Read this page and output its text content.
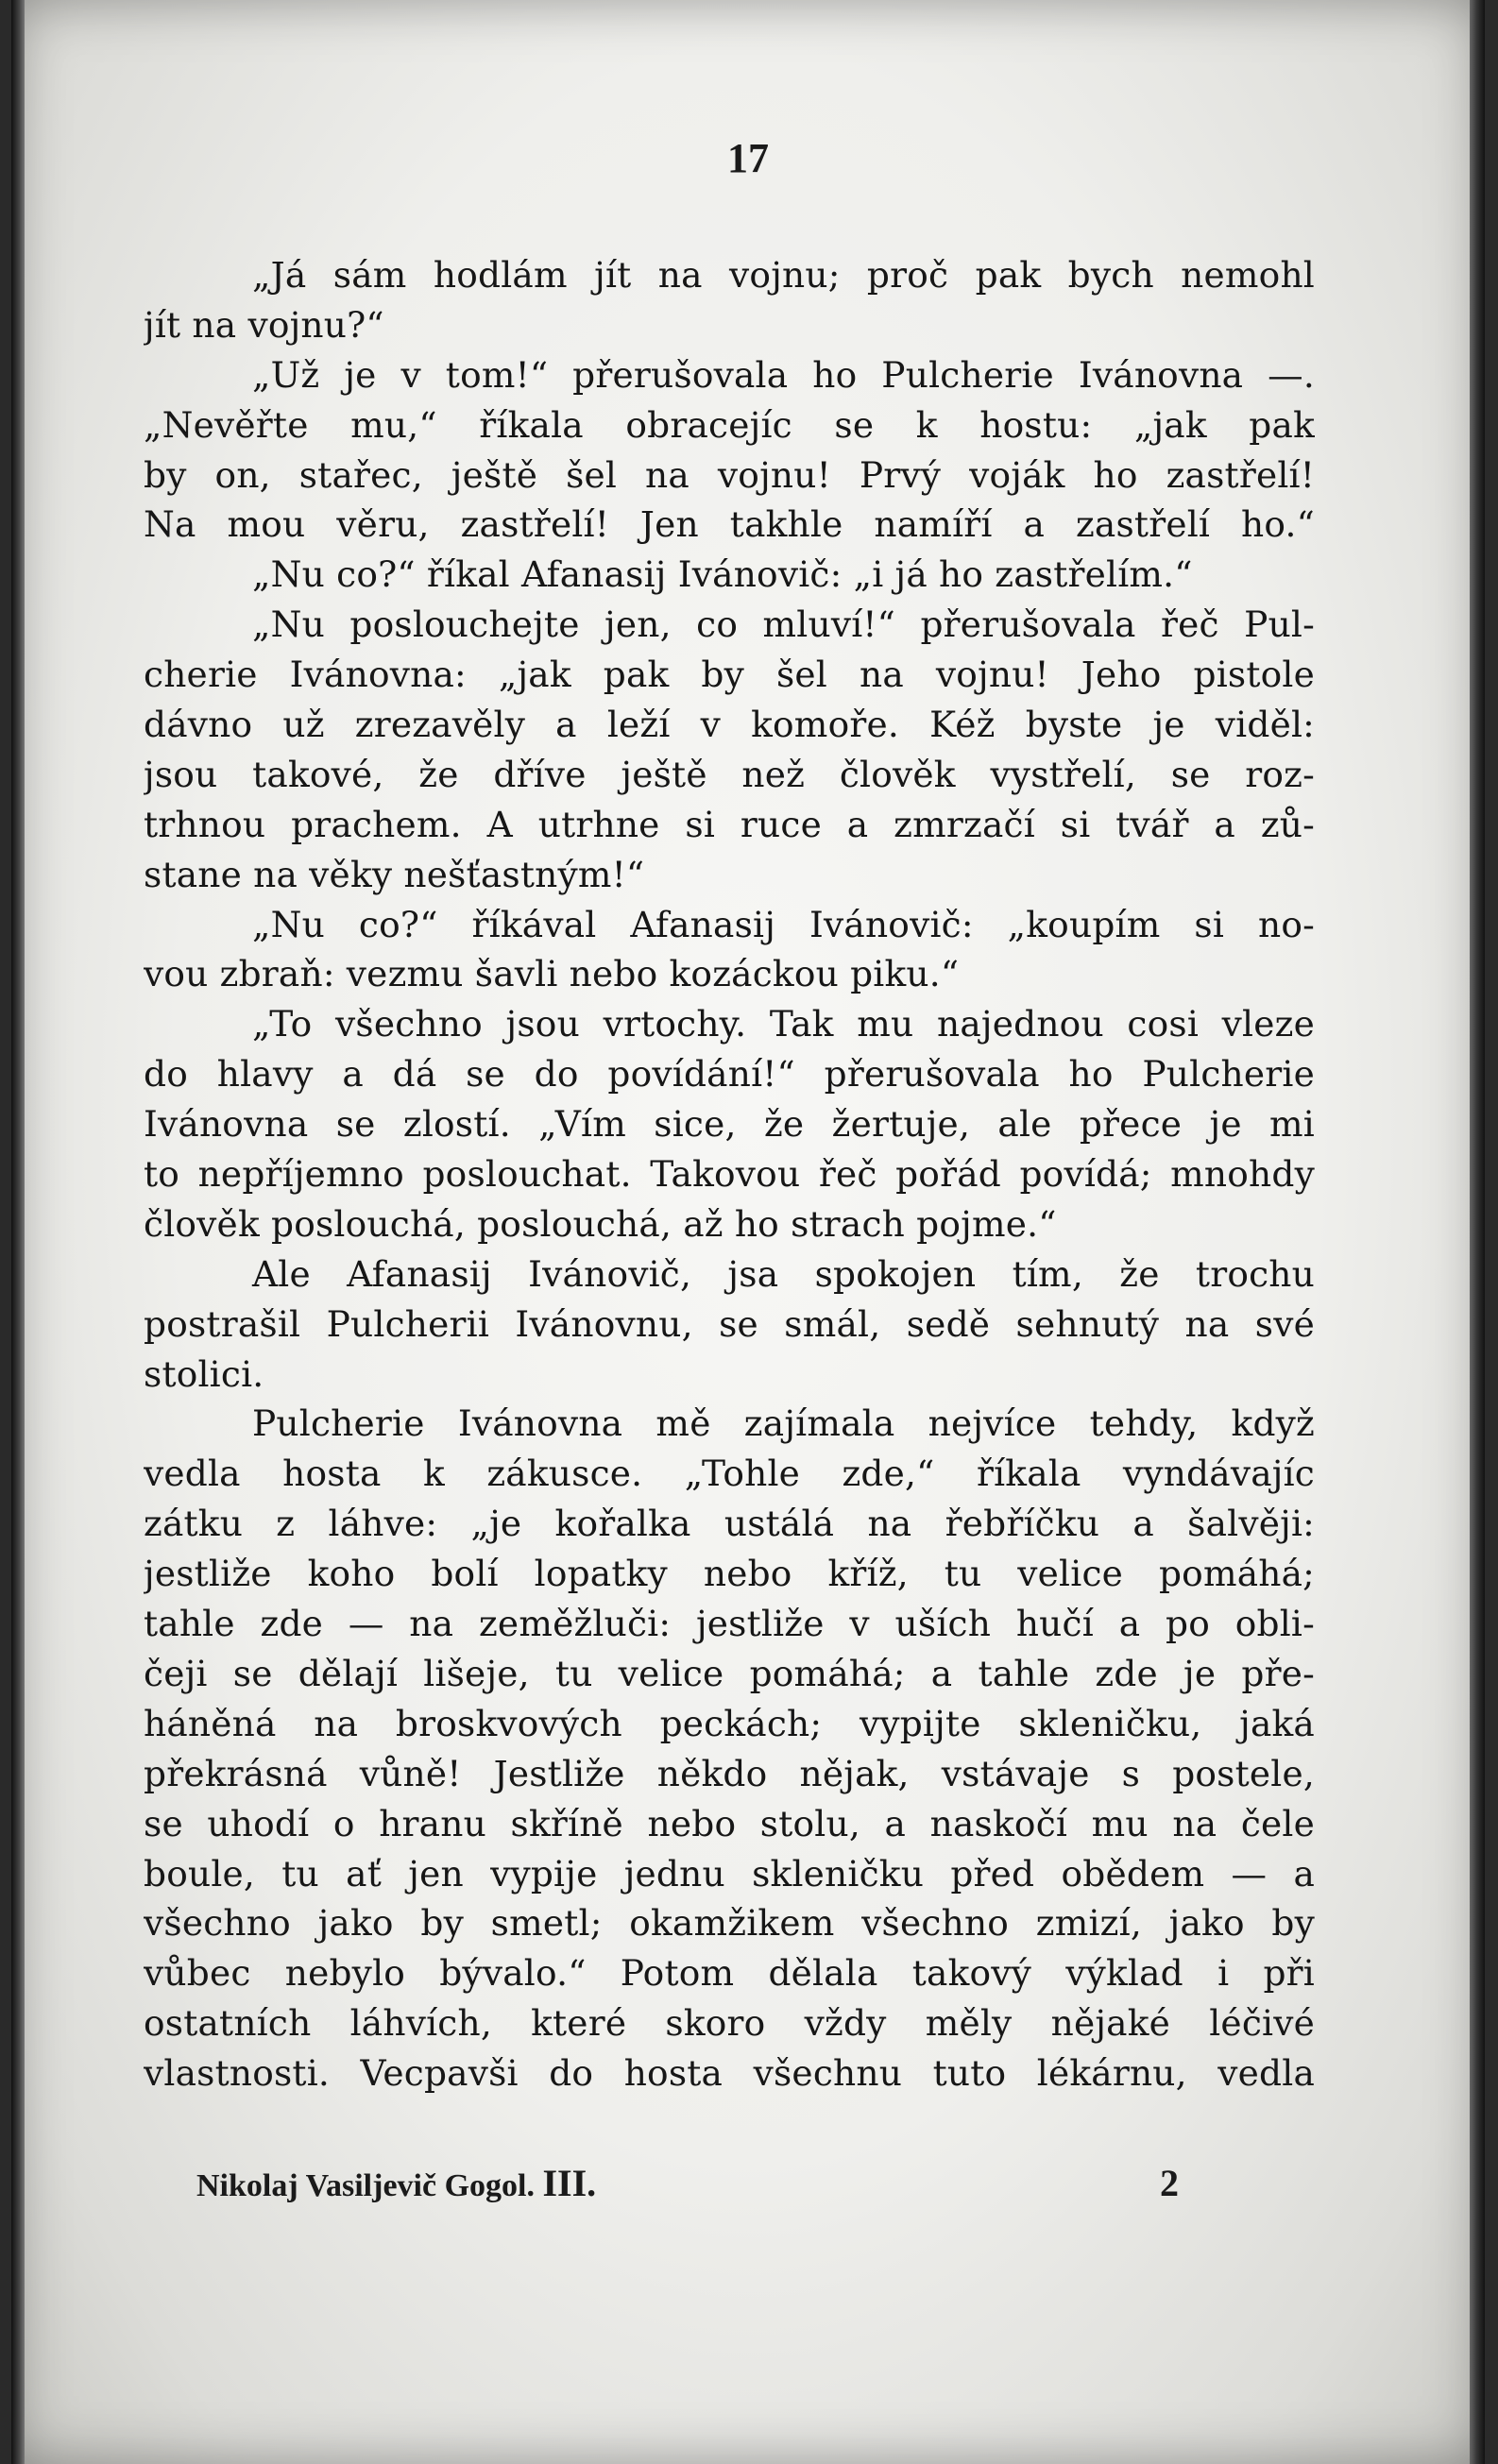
17
„Já sám hodlám jít na vojnu; proč pak bych nemohl
jít na vojnu?“
„Už je v tom!“ přerušovala ho Pulcherie Ivánovna —.
„Nevěřte mu,“ říkala obracejíc se k hostu: „jak pak
by on, stařec, ještě šel na vojnu! Prvý voják ho zastřelí!
Na mou věru, zastřelí! Jen takhle namíří a zastřelí ho.“
„Nu co?“ říkal Afanasij Ivánovič: „i já ho zastřelím.“
„Nu poslouchejte jen, co mluví!“ přerušovala řeč Pul-
cherie Ivánovna: „jak pak by šel na vojnu! Jeho pistole
dávno už zrezavěly a leží v komoře. Kéž byste je viděl:
jsou takové, že dříve ještě než člověk vystřelí, se roz-
trhnou prachem. A utrhne si ruce a zmrzačí si tvář a zů-
stane na věky nešťastným!“
„Nu co?“ říkával Afanasij Ivánovič: „koupím si no-
vou zbraň: vezmu šavli nebo kozáckou piku.“
„To všechno jsou vrtochy. Tak mu najednou cosi vleze
do hlavy a dá se do povídání!“ přerušovala ho Pulcherie
Ivánovna se zlostí. „Vím sice, že žertuje, ale přece je mi
to nepříjemno poslouchat. Takovou řeč pořád povídá; mnohdy
člověk poslouchá, poslouchá, až ho strach pojme.“
Ale Afanasij Ivánovič, jsa spokojen tím, že trochu
postrašil Pulcherii Ivánovnu, se smál, sedě sehnutý na své
stolici.
Pulcherie Ivánovna mě zajímala nejvíce tehdy, když
vedla hosta k zákusce. „Tohle zde,“ říkala vyndávajíc
zátku z láhve: „je kořalka ustálá na řebříčku a šalvěji:
jestliže koho bolí lopatky nebo kříž, tu velice pomáhá;
tahle zde — na zeměžluči: jestliže v uších hučí a po obli-
čeji se dělají lišeje, tu velice pomáhá; a tahle zde je pře-
háněná na broskvových peckách; vypijte skleničku, jaká
překrásná vůně! Jestliže někdo nějak, vstávaje s postele,
se uhodí o hranu skříně nebo stolu, a naskočí mu na čele
boule, tu ať jen vypije jednu skleničku před obědem — a
všechno jako by smetl; okamžikem všechno zmizí, jako by
vůbec nebylo bývalo.“ Potom dělala takový výklad i při
ostatních láhvích, které skoro vždy měly nějaké léčivé
vlastnosti. Vecpavši do hosta všechnu tuto lékárnu, vedla
Nikolaj Vasiljevič Gogol. III.	2
